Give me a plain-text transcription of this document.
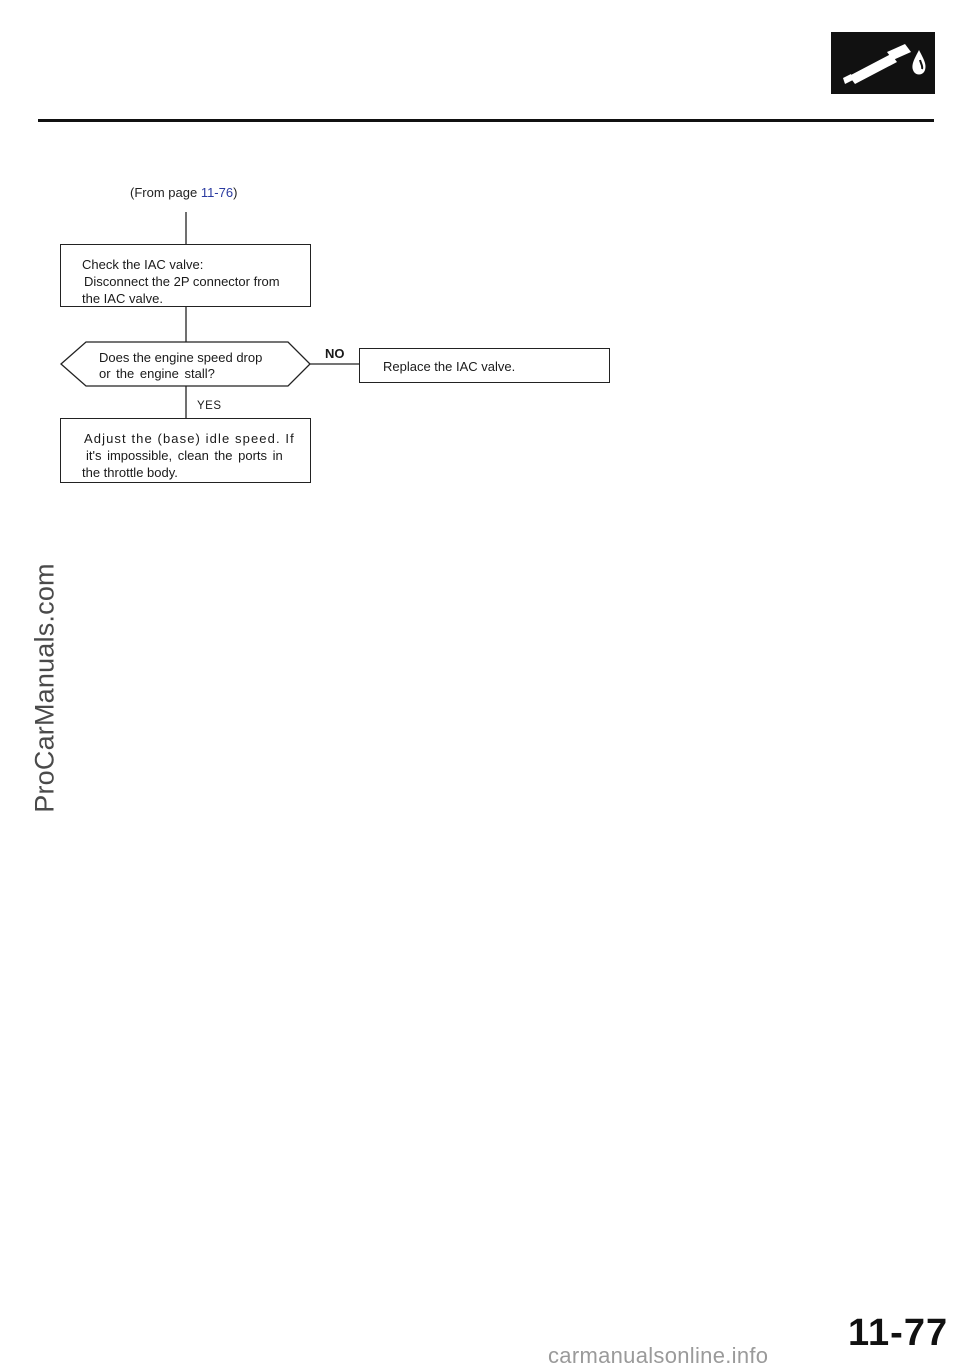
ProCarManuals.com
(From page 11-76)
Check the IAC valve:
Disconnect the 2P connector from
the IAC valve.
Does the engine speed drop
or the engine stall?
NO
Replace the IAC valve.
YES
Adjust the (base) idle speed. If
it's impossible, clean the ports in
the throttle body.
carmanualsonline.info
11-77
